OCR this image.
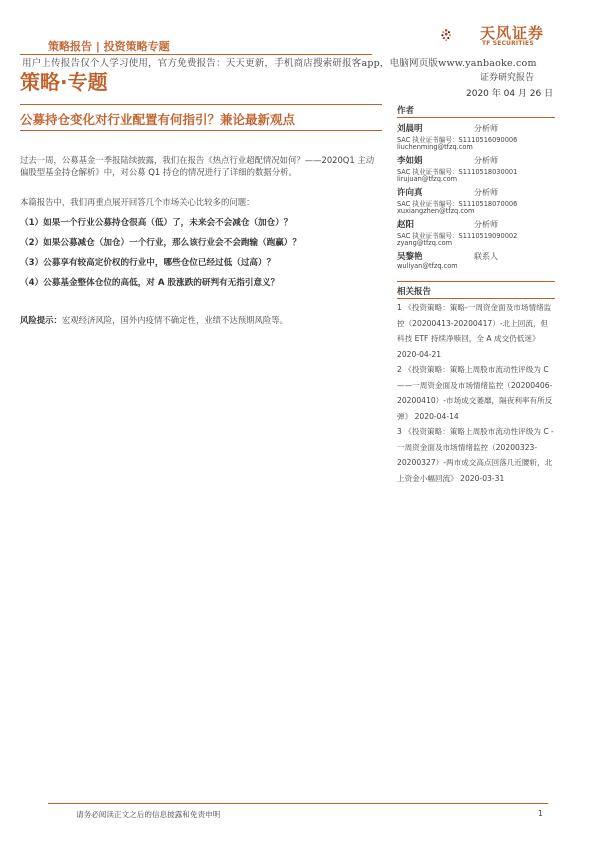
策略报告 | 投资策略专题
用户上传报告仅个人学习使用，官方免费报告：天天更新，手机商店搜索研报客app，电脑网页版www.yanbaoke.com
策略·专题
天风证券
TF SECURITIES
证券研究报告
2020 年 04 月 26 日
公募持仓变化对行业配置有何指引？兼论最新观点
过去一周，公募基金一季报陆续披露，我们在报告《热点行业超配情况如何？——2020Q1 主动偏股型基金持仓解析》中，对公募 Q1 持仓的情况进行了详细的数据分析。
本篇报告中，我们再重点展开回答几个市场关心比较多的问题：
（1）如果一个行业公募持仓很高（低）了，未来会不会减仓（加仓）？
（2）如果公募减仓（加仓）一个行业，那么该行业会不会跑输（跑赢）？
（3）公募享有较高定价权的行业中，哪些仓位已经过低（过高）？
（4）公募基金整体仓位的高低，对 A 股涨跌的研判有无指引意义？
风险提示：宏观经济风险，国外内疫情不确定性，业绩不达预期风险等。
作者
刘晨明	分析师
SAC 执业证书编号：S1110516090006
liuchenming@tfzq.com
李如娟	分析师
SAC 执业证书编号：S1110518030001
lirujuan@tfzq.com
许向真	分析师
SAC 执业证书编号：S1110518070006
xuxiangzhen@tfzq.com
赵阳	分析师
SAC 执业证书编号：S1110519090002
zyang@tfzq.com
吴黎艳	联系人
wuliyan@tfzq.com
相关报告
1 《投资策略：策略-一周资金面及市场情绪监控（20200413-20200417）-北上回流，但科技 ETF 持续净赎回，全 A 成交仍低迷》 2020-04-21
2 《投资策略：策略上周股市流动性评级为 C——一周资金面及市场情绪监控（20200406-20200410）-市场成交萎靡，隔夜利率有所反弹》 2020-04-14
3 《投资策略：策略上周股市流动性评级为 C -一周资金面及市场情绪监控（20200323-20200327）-两市成交高点回落几近腰斩，北上资金小幅回流》 2020-03-31
请务必阅读正文之后的信息披露和免责申明	1
